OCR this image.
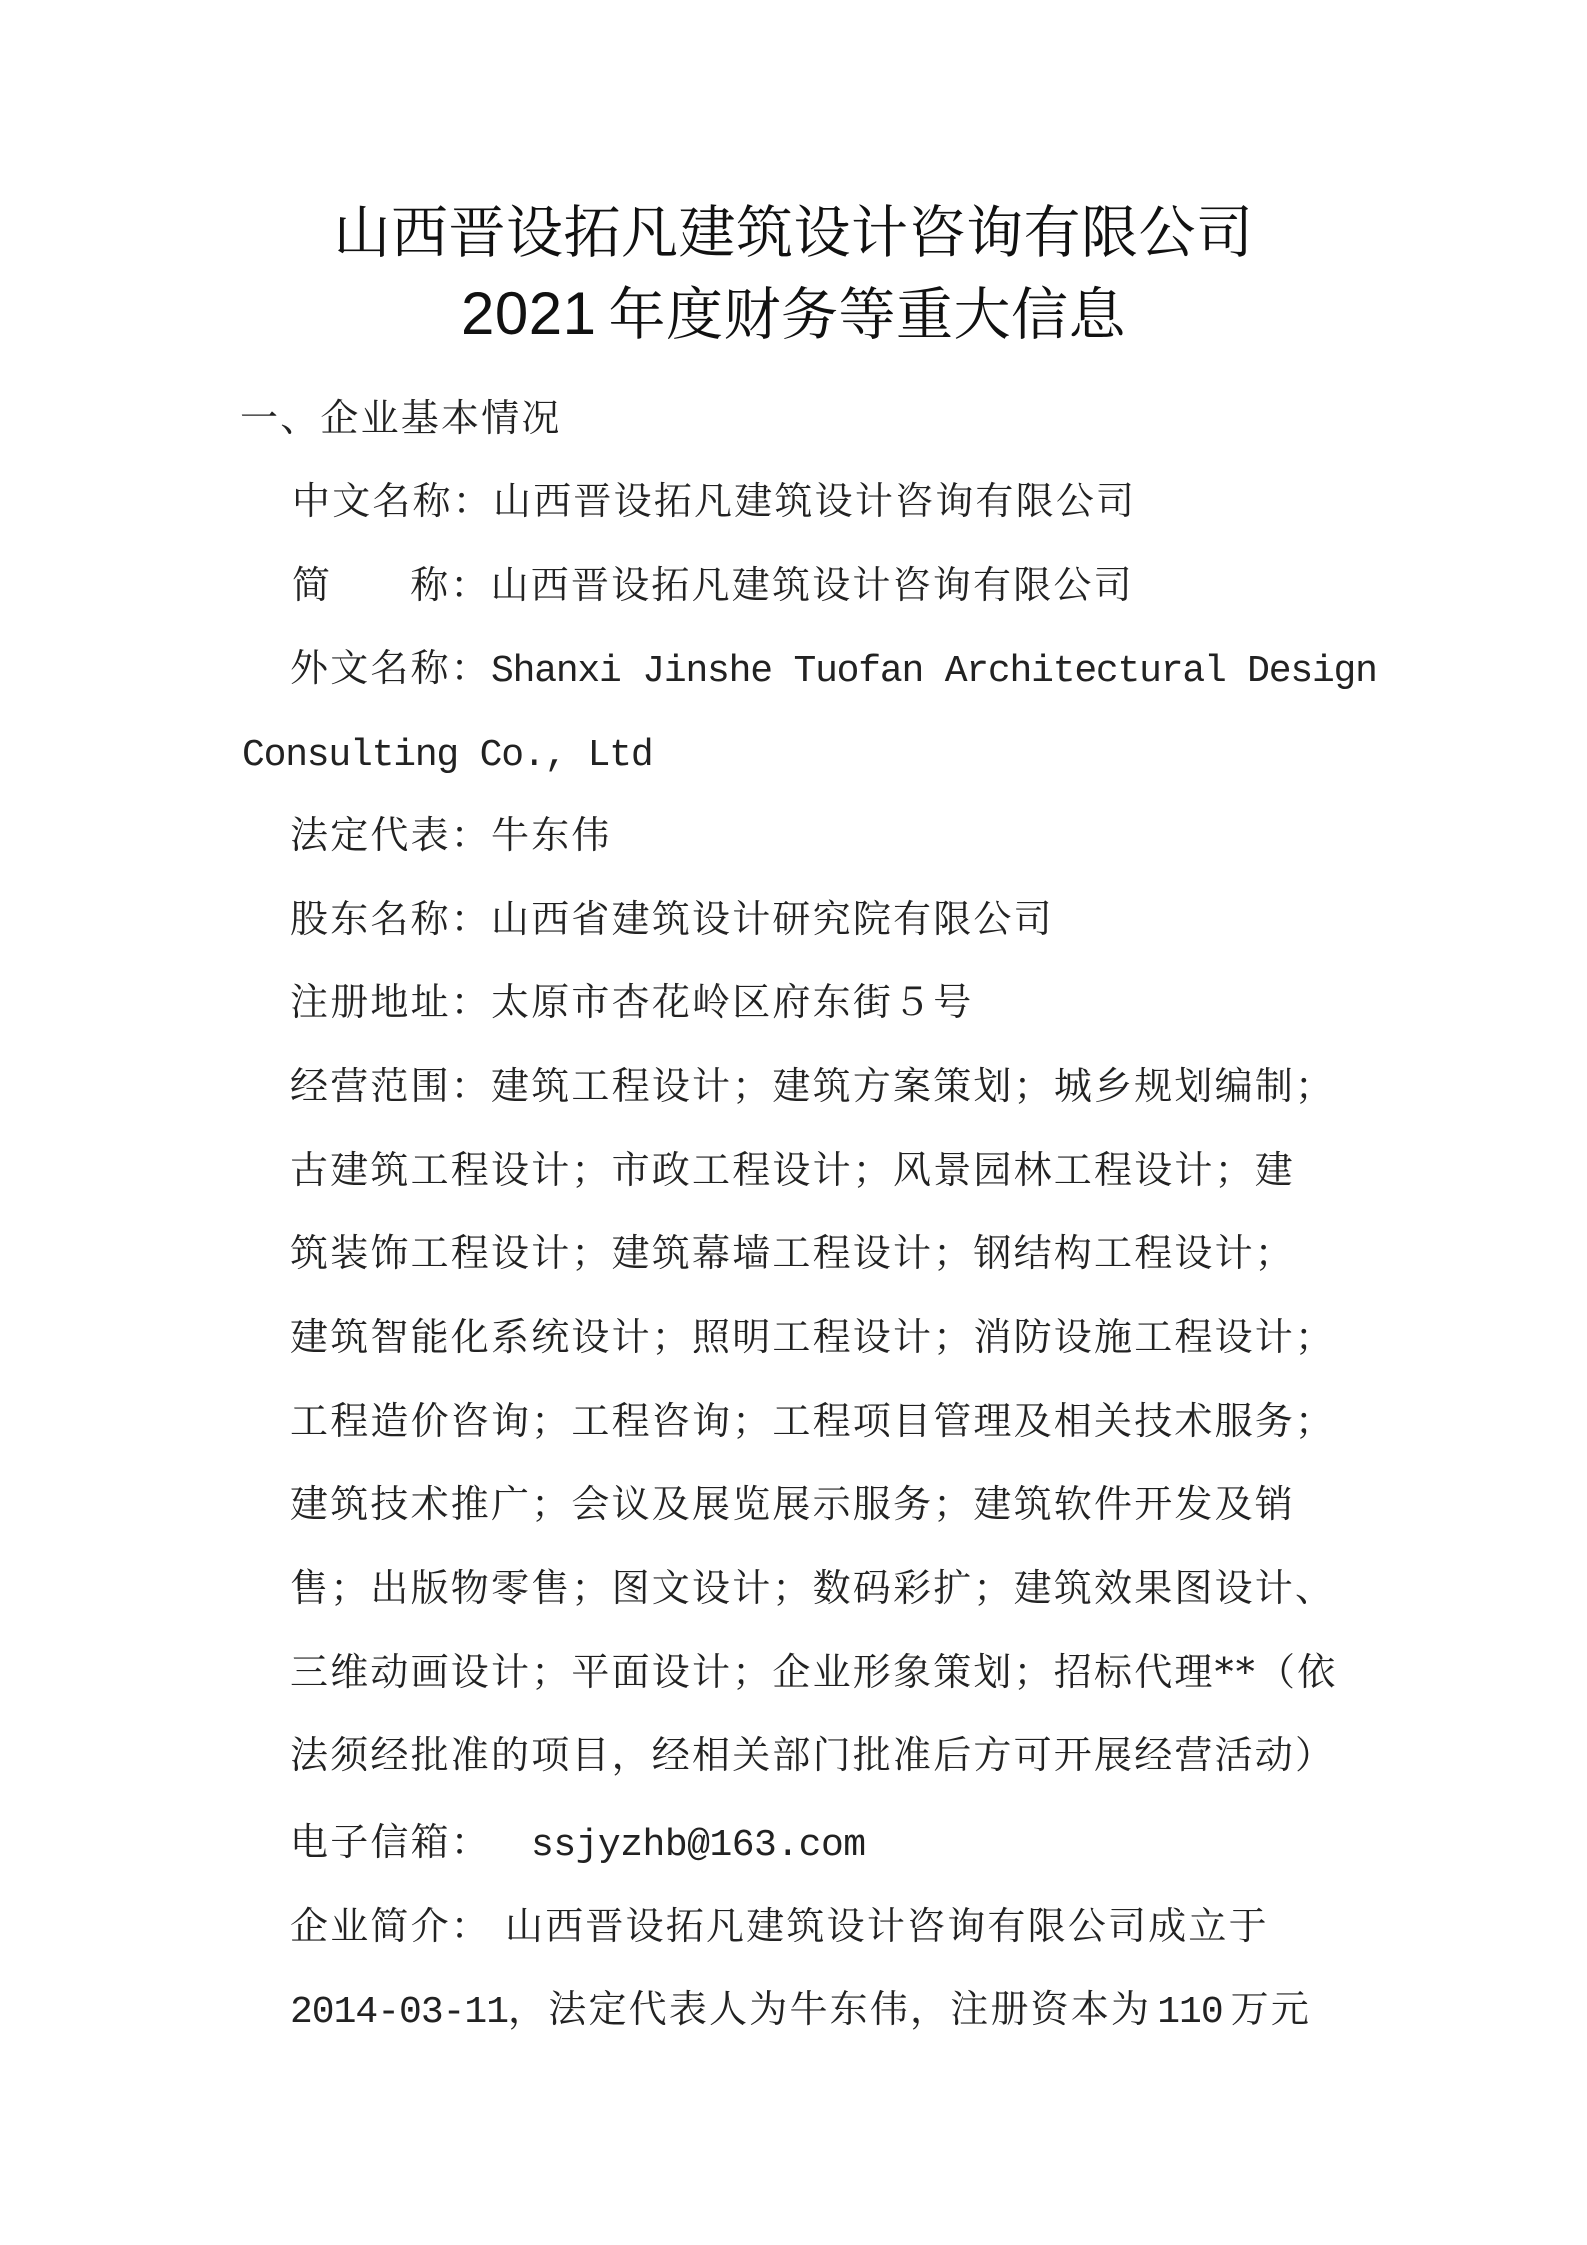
山西晋设拓凡建筑设计咨询有限公司
2021 年度财务等重大信息
一、企业基本情况
中文名称：山西晋设拓凡建筑设计咨询有限公司
简 称：山西晋设拓凡建筑设计咨询有限公司
外文名称：Shanxi Jinshe Tuofan Architectural Design
Consulting Co., Ltd
法定代表：牛东伟
股东名称：山西省建筑设计研究院有限公司
注册地址：太原市杏花岭区府东街５号
经营范围：建筑工程设计；建筑方案策划；城乡规划编制；
古建筑工程设计；市政工程设计；风景园林工程设计；建
筑装饰工程设计；建筑幕墙工程设计；钢结构工程设计；
建筑智能化系统设计；照明工程设计；消防设施工程设计；
工程造价咨询；工程咨询；工程项目管理及相关技术服务；
建筑技术推广；会议及展览展示服务；建筑软件开发及销
售；出版物零售；图文设计；数码彩扩；建筑效果图设计、
三维动画设计；平面设计；企业形象策划；招标代理**（依
法须经批准的项目，经相关部门批准后方可开展经营活动）
电子信箱： ssjyzhb@163.com
企业简介： 山西晋设拓凡建筑设计咨询有限公司成立于
2014-03-11，法定代表人为牛东伟，注册资本为 110 万元
